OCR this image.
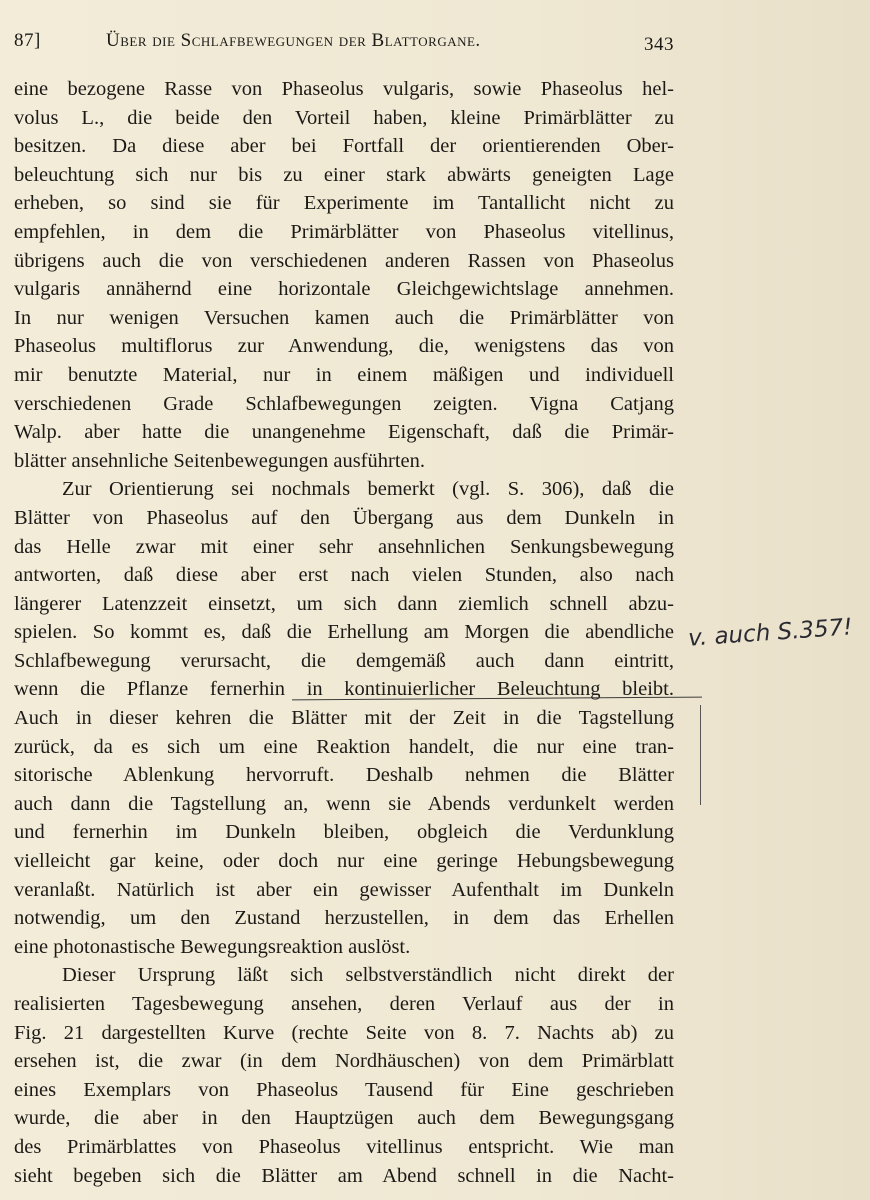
87]	Über die Schlafbewegungen der Blattorgane.	343
eine bezogene Rasse von Phaseolus vulgaris, sowie Phaseolus hel-
volus L., die beide den Vorteil haben, kleine Primärblätter zu
besitzen. Da diese aber bei Fortfall der orientierenden Ober-
beleuchtung sich nur bis zu einer stark abwärts geneigten Lage
erheben, so sind sie für Experimente im Tantallicht nicht zu
empfehlen, in dem die Primärblätter von Phaseolus vitellinus,
übrigens auch die von verschiedenen anderen Rassen von Phaseolus
vulgaris annähernd eine horizontale Gleichgewichtslage annehmen.
In nur wenigen Versuchen kamen auch die Primärblätter von
Phaseolus multiflorus zur Anwendung, die, wenigstens das von
mir benutzte Material, nur in einem mäßigen und individuell
verschiedenen Grade Schlafbewegungen zeigten. Vigna Catjang
Walp. aber hatte die unangenehme Eigenschaft, daß die Primär-
blätter ansehnliche Seitenbewegungen ausführten.
Zur Orientierung sei nochmals bemerkt (vgl. S. 306), daß die
Blätter von Phaseolus auf den Übergang aus dem Dunkeln in
das Helle zwar mit einer sehr ansehnlichen Senkungsbewegung
antworten, daß diese aber erst nach vielen Stunden, also nach
längerer Latenzzeit einsetzt, um sich dann ziemlich schnell abzu-
spielen. So kommt es, daß die Erhellung am Morgen die abendliche
Schlafbewegung verursacht, die demgemäß auch dann eintritt,
wenn die Pflanze fernerhin in kontinuierlicher Beleuchtung bleibt.
Auch in dieser kehren die Blätter mit der Zeit in die Tagstellung
zurück, da es sich um eine Reaktion handelt, die nur eine tran-
sitorische Ablenkung hervorruft. Deshalb nehmen die Blätter
auch dann die Tagstellung an, wenn sie Abends verdunkelt werden
und fernerhin im Dunkeln bleiben, obgleich die Verdunklung
vielleicht gar keine, oder doch nur eine geringe Hebungsbewegung
veranlaßt. Natürlich ist aber ein gewisser Aufenthalt im Dunkeln
notwendig, um den Zustand herzustellen, in dem das Erhellen
eine photonastische Bewegungsreaktion auslöst.
Dieser Ursprung läßt sich selbstverständlich nicht direkt der
realisierten Tagesbewegung ansehen, deren Verlauf aus der in
Fig. 21 dargestellten Kurve (rechte Seite von 8. 7. Nachts ab) zu
ersehen ist, die zwar (in dem Nordhäuschen) von dem Primärblatt
eines Exemplars von Phaseolus Tausend für Eine geschrieben
wurde, die aber in den Hauptzügen auch dem Bewegungsgang
des Primärblattes von Phaseolus vitellinus entspricht. Wie man
sieht begeben sich die Blätter am Abend schnell in die Nacht-
v. auch S.357!
